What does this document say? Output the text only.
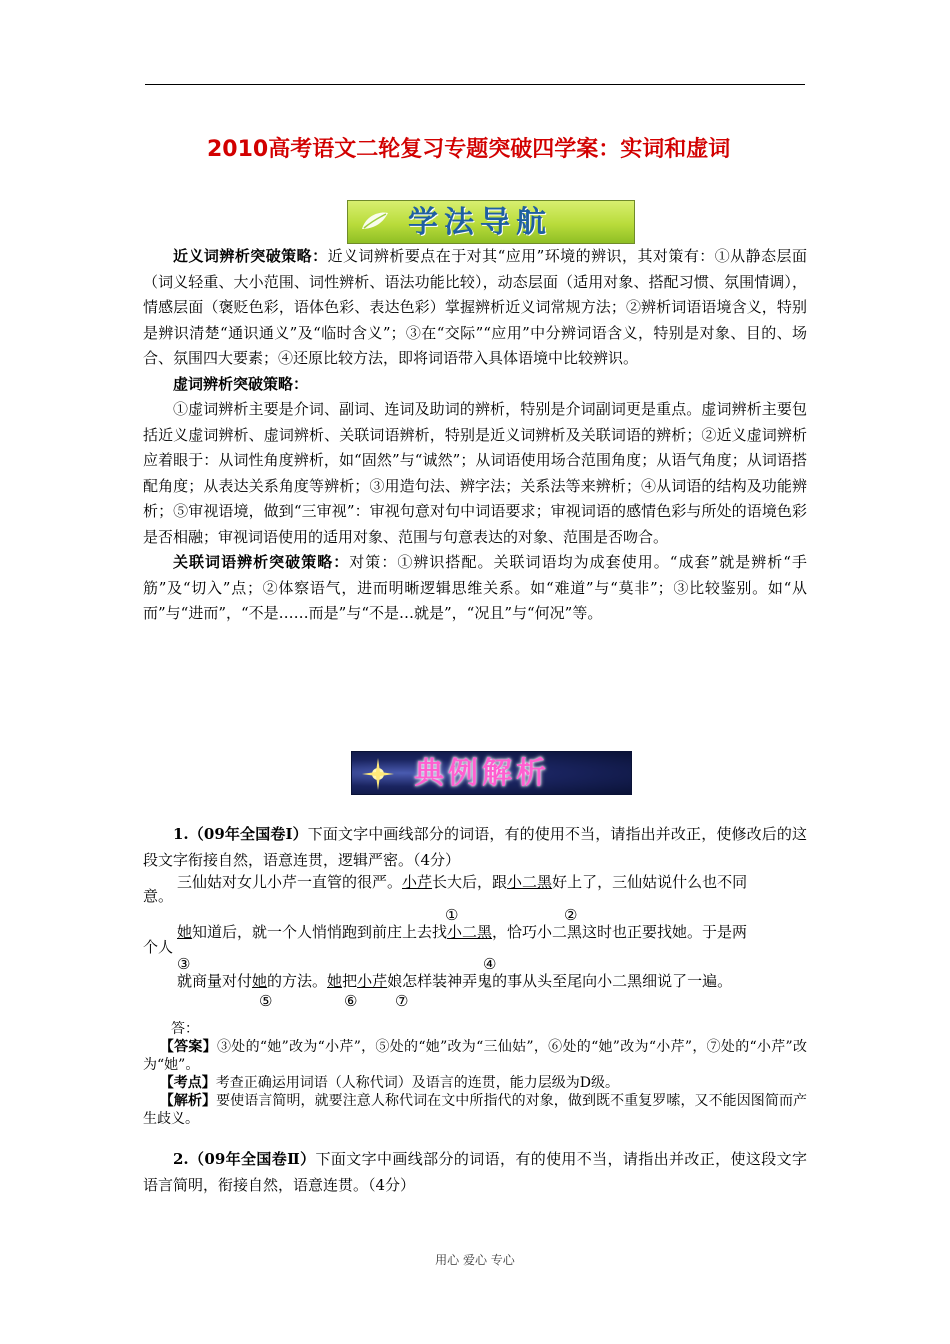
2010高考语文二轮复习专题突破四学案：实词和虚词
学法导航

近义词辨析突破策略：近义词辨析要点在于对其“应用”环境的辨识，其对策有：①从静态层面（词义轻重、大小范围、词性辨析、语法功能比较），动态层面（适用对象、搭配习惯、氛围情调），情感层面（褒贬色彩，语体色彩、表达色彩）掌握辨析近义词常规方法；②辨析词语语境含义，特别是辨识清楚“通识通义”及“临时含义”；③在“交际”“应用”中分辨词语含义，特别是对象、目的、场合、氛围四大要素；④还原比较方法，即将词语带入具体语境中比较辨识。

虚词辨析突破策略：

①虚词辨析主要是介词、副词、连词及助词的辨析，特别是介词副词更是重点。虚词辨析主要包括近义虚词辨析、虚词辨析、关联词语辨析，特别是近义词辨析及关联词语的辨析；②近义虚词辨析应着眼于：从词性角度辨析，如“固然”与“诚然”；从词语使用场合范围角度；从语气角度；从词语搭配角度；从表达关系角度等辨析；③用造句法、辨字法；关系法等来辨析；④从词语的结构及功能辨析；⑤审视语境，做到“三审视”：审视句意对句中词语要求；审视词语的感情色彩与所处的语境色彩是否相融；审视词语使用的适用对象、范围与句意表达的对象、范围是否吻合。

关联词语辨析突破策略：对策：①辨识搭配。关联词语均为成套使用。“成套”就是辨析“手筋”及“切入”点；②体察语气，进而明晰逻辑思维关系。如“难道”与“莫非”；③比较鉴别。如“从而”与“进而”，“不是……而是”与“不是…就是”，“况且”与“何况”等。

典例解析

1.（09年全国卷Ⅰ）下面文字中画线部分的词语，有的使用不当，请指出并改正，使修改后的这段文字衔接自然，语意连贯，逻辑严密。（4分）

三仙姑对女儿小芹一直管的很严。小芹长大后，跟小二黑好上了，三仙姑说什么也不同
意。
①	②
她知道后，就一个人悄悄跑到前庄上去找小二黑，恰巧小二黑这时也正要找她。于是两
个人
③	④
就商量对付她的方法。她把小芹娘怎样装神弄鬼的事从头至尾向小二黑细说了一遍。
⑤	⑥	⑦

答：

【答案】③处的“她”改为“小芹”，⑤处的“她”改为“三仙姑”，⑥处的“她”改为“小芹”，⑦处的“小芹”改为“她”。

【考点】考查正确运用词语（人称代词）及语言的连贯，能力层级为D级。

【解析】要使语言简明，就要注意人称代词在文中所指代的对象，做到既不重复罗嗦，又不能因图简而产生歧义。

2.（09年全国卷Ⅱ）下面文字中画线部分的词语，有的使用不当，请指出并改正，使这段文字语言简明，衔接自然，语意连贯。（4分）

用心 爱心 专心
